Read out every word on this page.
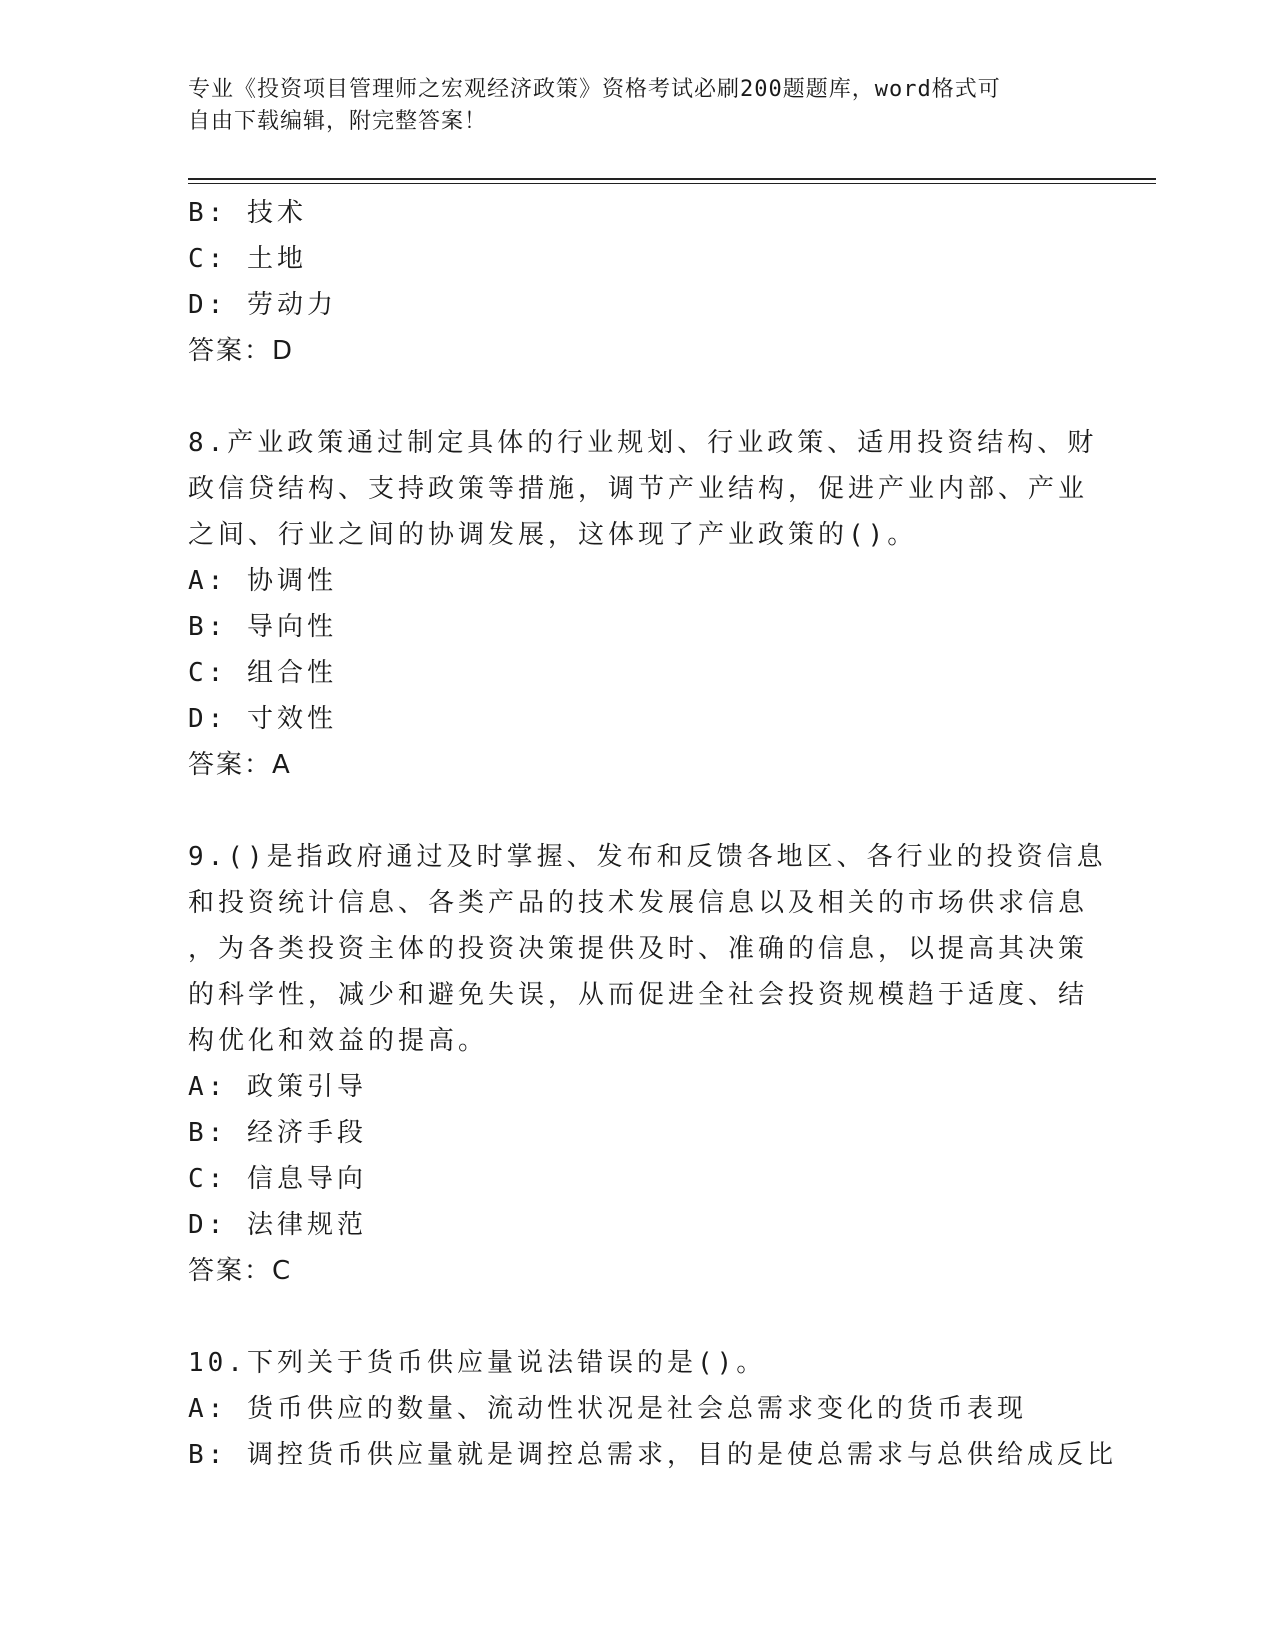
专业《投资项目管理师之宏观经济政策》资格考试必刷200题题库，word格式可
自由下载编辑，附完整答案！
B: 技术
C: 土地
D: 劳动力
答案：D
8.产业政策通过制定具体的行业规划、行业政策、适用投资结构、财
政信贷结构、支持政策等措施，调节产业结构，促进产业内部、产业
之间、行业之间的协调发展，这体现了产业政策的()。
A: 协调性
B: 导向性
C: 组合性
D: 寸效性
答案：A
9.()是指政府通过及时掌握、发布和反馈各地区、各行业的投资信息
和投资统计信息、各类产品的技术发展信息以及相关的市场供求信息
，为各类投资主体的投资决策提供及时、准确的信息，以提高其决策
的科学性，减少和避免失误，从而促进全社会投资规模趋于适度、结
构优化和效益的提高。
A: 政策引导
B: 经济手段
C: 信息导向
D: 法律规范
答案：C
10.下列关于货币供应量说法错误的是()。
A: 货币供应的数量、流动性状况是社会总需求变化的货币表现
B: 调控货币供应量就是调控总需求，目的是使总需求与总供给成反比
